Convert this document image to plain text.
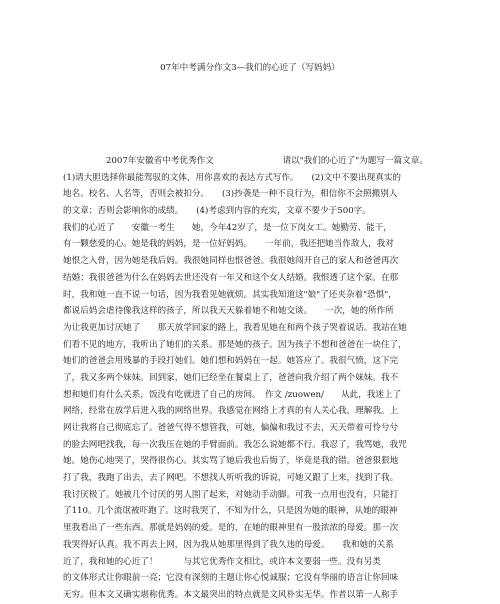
07年中考满分作文3—我们的心近了（写妈妈）
　　　　　2007年安徽省中考优秀作文　　　　　　　　请以"我们的心近了"为题写一篇文章。
(1)请大胆选择你最能驾驭的文体，用你喜欢的表达方式写作。　　(2)文中不要出现真实的
地名、校名、人名等，否则会被扣分。　　(3)抄袭是一种不良行为，相信你不会照搬别人
的文章；否则会影响你的成绩。　　(4)考虑到内容的充实，文章不要少于500字。
我们的心近了　　安徽一考生　　她，今年42岁了，是一位下岗女工。她勤劳、能干，
有一颗慈爱的心。她是我的妈妈，是一位好妈妈。　　一年前，我还把她当作敌人，我对
她恨之入骨，因为她是我后妈。我很她同样也恨爸爸。我很她闯开自己的家人和爸爸再次
结婚；我很爸爸为什么在妈妈去世还没有一年又和这个女人结婚。我恨透了这个家。在那
时，我和她一直不说一句话，因为我看见她就烦。其实我知道这"娘"了还夹杂着"恐惧"，
都说后妈会虐待像我这样的孩子，所以我天天躲着她不和她交谈。　　一次，她的所作所
为让我更加讨厌她了　　那天放学回家的路上，我看见她在和两个孩子哭着说话。我站在她
们看不见的地方，我听出了她们的关系。那是她的孩子。因为孩子不想和爸爸在一块住了，
她们的爸爸会用残暴的手段打她们。她们想和妈妈在一起。她答应了。我很气愤，这下完
了，我又多两个妹妹。回到家，她们已经坐在餐桌上了，爸爸向我介绍了两个妹妹。我不
想和她们有什么关系，饭没有吃就进了自己的房间。　作文 /zuowen/　　从此，我迷上了
网络，经常在放学后进入我的网络世界。我感觉在网络上才真的有人关心我，理解我。上
网让我将自己彻底忘了。爸爸气得不想管我，可她，偏偏和我过不去，天天带着可怜兮兮
的脸去网吧找我，每一次我压在她的手臂面前。我怎么说她都不行。我忍了，我骂她，我咒
她。她伤心地哭了，哭得很伤心。其实骂了她后我也后悔了，毕竟是我的错。爸爸狠狠地
打了我，我跑了出去，去了网吧。不想找人听听我的诉说，可她又跟了上来，找到了我。
我讨厌极了。她被几个讨厌的男人围了起来，对她动手动脚。可我一点用也没有，只能打
了110。几个流氓被吓跑了。这时我哭了，不知为什么，只是因为她的眼神，从她的眼神
里我看出了一些东西。那就是妈妈的爱。是的，在她的眼神里有一股浓浓的母爱。那一次
我哭得好认真。我不再去上网，因为我从她那里得到了我久违的母爱。　　我和她的关系
近了，我和她的心近了！　　　与其它优秀作文相比，或许本文要弱一些。没有另类
的文体形式让你眼前一亮；它没有深刻的主题让你心悦诚服；它没有华丽的语言让你回味
无穷。但本文又确实堪称优秀。本文最突出的特点就是文风朴实无华。作者以第一人称手
